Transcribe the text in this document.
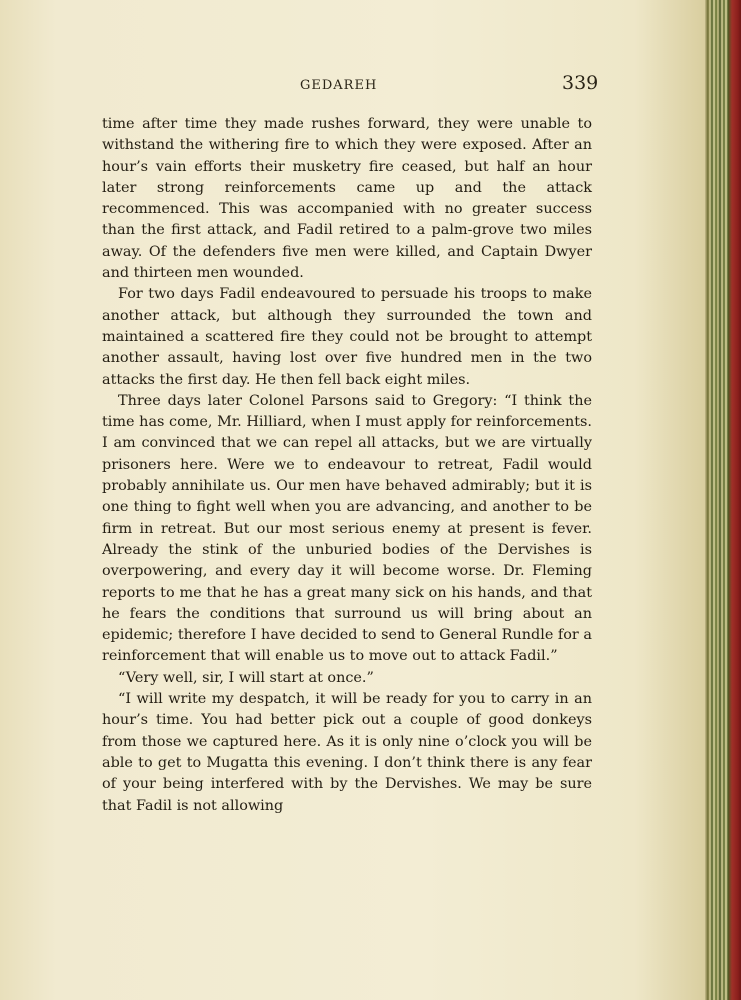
GEDAREH	339

time after time they made rushes forward, they were unable to withstand the withering fire to which they were exposed. After an hour’s vain efforts their musketry fire ceased, but half an hour later strong reinforcements came up and the attack recommenced. This was accompanied with no greater success than the first attack, and Fadil retired to a palm-grove two miles away. Of the defenders five men were killed, and Captain Dwyer and thirteen men wounded.

For two days Fadil endeavoured to persuade his troops to make another attack, but although they surrounded the town and maintained a scattered fire they could not be brought to attempt another assault, having lost over five hundred men in the two attacks the first day. He then fell back eight miles.

Three days later Colonel Parsons said to Gregory: “I think the time has come, Mr. Hilliard, when I must apply for reinforcements. I am convinced that we can repel all attacks, but we are virtually prisoners here. Were we to endeavour to retreat, Fadil would probably annihilate us. Our men have behaved admirably; but it is one thing to fight well when you are advancing, and another to be firm in retreat. But our most serious enemy at present is fever. Already the stink of the unburied bodies of the Dervishes is overpowering, and every day it will become worse. Dr. Fleming reports to me that he has a great many sick on his hands, and that he fears the conditions that surround us will bring about an epidemic; therefore I have decided to send to General Rundle for a reinforcement that will enable us to move out to attack Fadil.”

“Very well, sir, I will start at once.”

“I will write my despatch, it will be ready for you to carry in an hour’s time. You had better pick out a couple of good donkeys from those we captured here. As it is only nine o’clock you will be able to get to Mugatta this evening. I don’t think there is any fear of your being interfered with by the Dervishes. We may be sure that Fadil is not allowing
